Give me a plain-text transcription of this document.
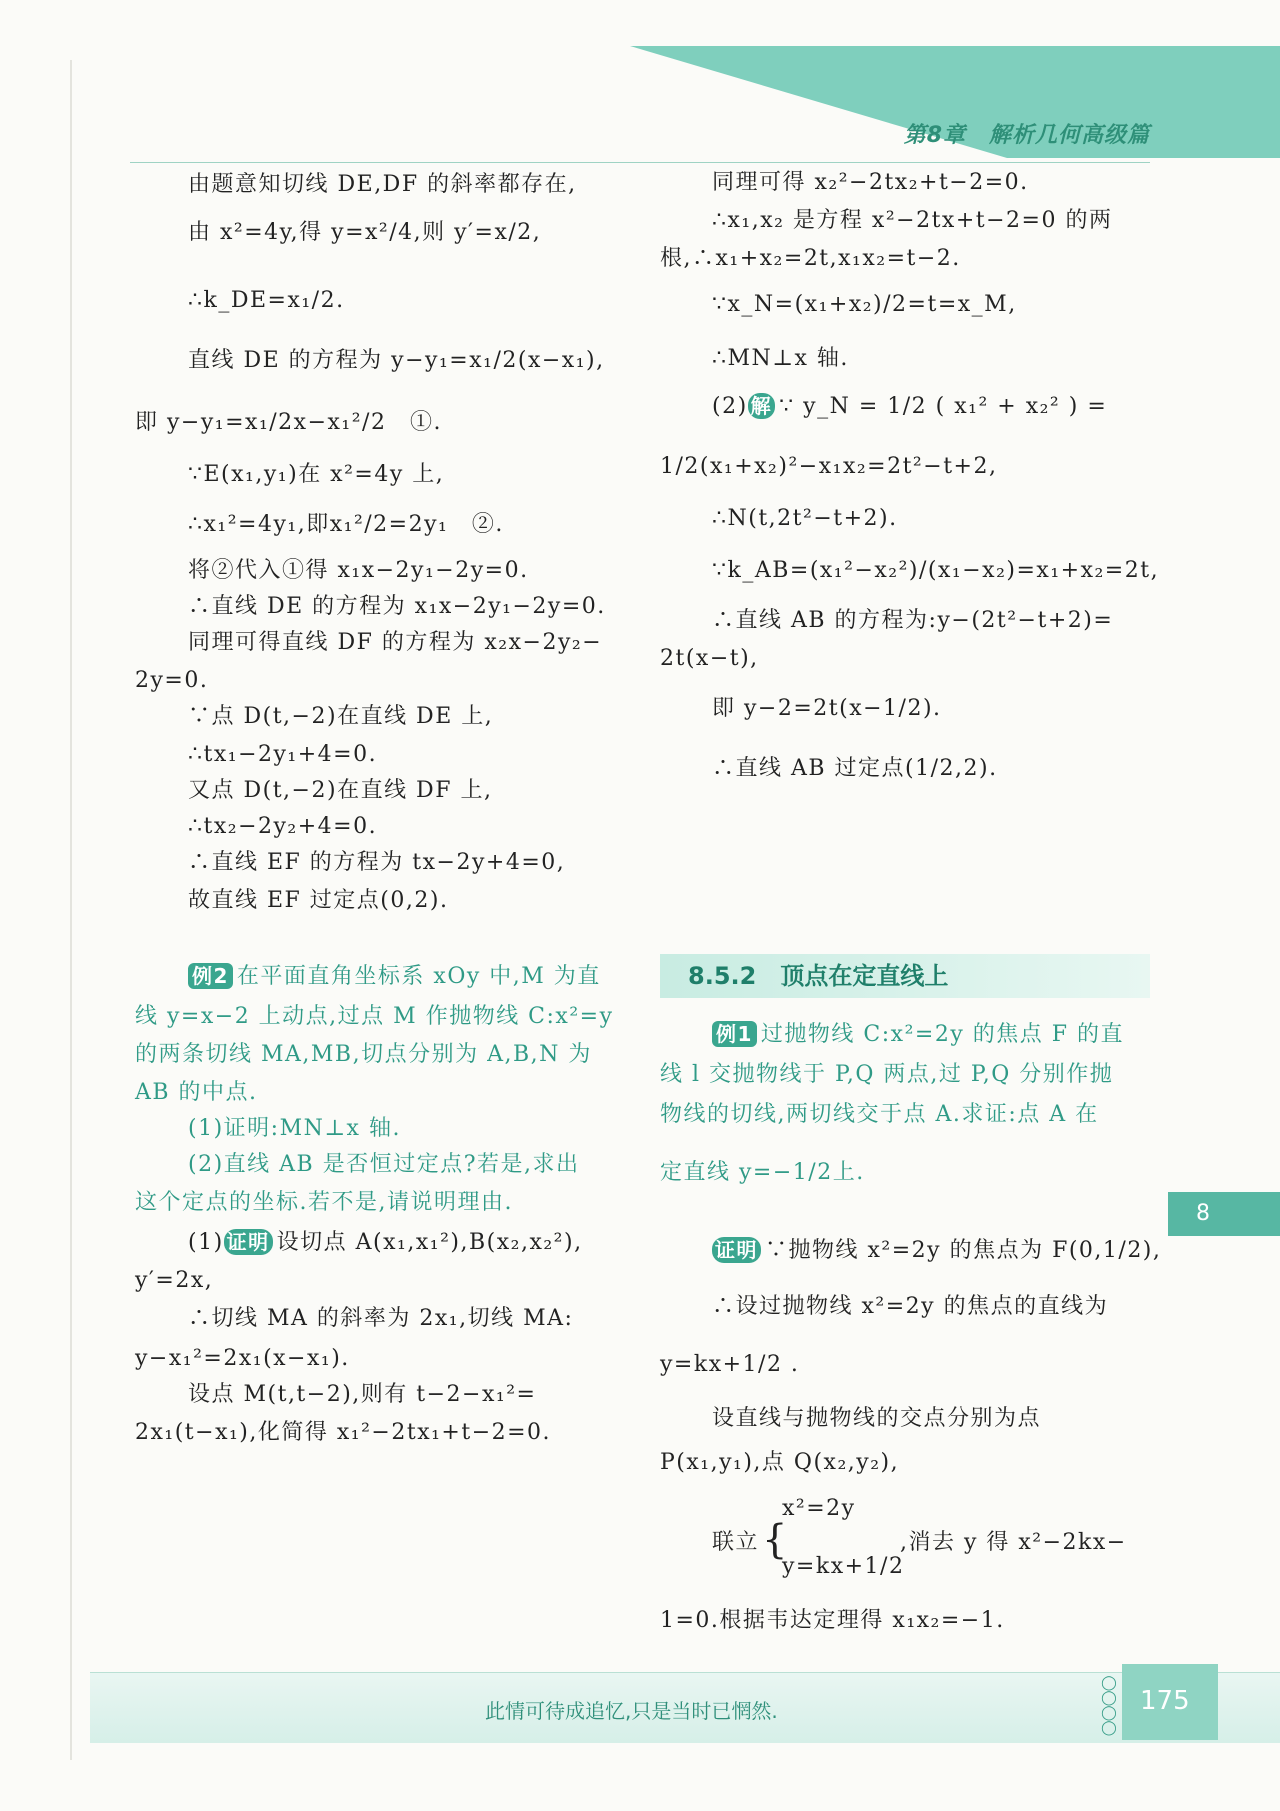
第8章　解析几何高级篇
由题意知切线 DE,DF 的斜率都存在,
由 x²=4y,得 y=x²/4,则 y′=x/2,
∴k_DE=x₁/2.
直线 DE 的方程为 y−y₁=x₁/2(x−x₁),
即 y−y₁=x₁/2x−x₁²/2　①.
∵E(x₁,y₁)在 x²=4y 上,
∴x₁²=4y₁,即x₁²/2=2y₁　②.
将②代入①得 x₁x−2y₁−2y=0.
∴直线 DE 的方程为 x₁x−2y₁−2y=0.
同理可得直线 DF 的方程为 x₂x−2y₂−
2y=0.
∵点 D(t,−2)在直线 DE 上,
∴tx₁−2y₁+4=0.
又点 D(t,−2)在直线 DF 上,
∴tx₂−2y₂+4=0.
∴直线 EF 的方程为 tx−2y+4=0,
故直线 EF 过定点(0,2).
例2 在平面直角坐标系 xOy 中,M 为直
线 y=x−2 上动点,过点 M 作抛物线 C:x²=y
的两条切线 MA,MB,切点分别为 A,B,N 为
AB 的中点.
(1)证明:MN⊥x 轴.
(2)直线 AB 是否恒过定点?若是,求出
这个定点的坐标.若不是,请说明理由.
(1) 证明 设切点 A(x₁,x₁²),B(x₂,x₂²),
y′=2x,
∴切线 MA 的斜率为 2x₁,切线 MA:
y−x₁²=2x₁(x−x₁).
设点 M(t,t−2),则有 t−2−x₁²=
2x₁(t−x₁),化简得 x₁²−2tx₁+t−2=0.
同理可得 x₂²−2tx₂+t−2=0.
∴x₁,x₂ 是方程 x²−2tx+t−2=0 的两
根,∴x₁+x₂=2t,x₁x₂=t−2.
∵x_N=(x₁+x₂)/2=t=x_M,
∴MN⊥x 轴.
(2) 解 ∵ y_N = 1/2 ( x₁² + x₂² ) =
1/2(x₁+x₂)²−x₁x₂=2t²−t+2,
∴N(t,2t²−t+2).
∵k_AB=(x₁²−x₂²)/(x₁−x₂)=x₁+x₂=2t,
∴直线 AB 的方程为:y−(2t²−t+2)=
2t(x−t),
即 y−2=2t(x−1/2).
∴直线 AB 过定点(1/2,2).
8.5.2　顶点在定直线上
例1 过抛物线 C:x²=2y 的焦点 F 的直
线 l 交抛物线于 P,Q 两点,过 P,Q 分别作抛
物线的切线,两切线交于点 A.求证:点 A 在
定直线 y=−1/2上.
证明 ∵抛物线 x²=2y 的焦点为 F(0,1/2),
∴设过抛物线 x²=2y 的焦点的直线为
y=kx+1/2 .
设直线与抛物线的交点分别为点
P(x₁,y₁),点 Q(x₂,y₂),
联立 {
x²=2y
y=kx+1/2
,消去 y 得 x²−2kx−
1=0.根据韦达定理得 x₁x₂=−1.
8
此情可待成追忆,只是当时已惘然.
◯
◯
◯
◯
175
